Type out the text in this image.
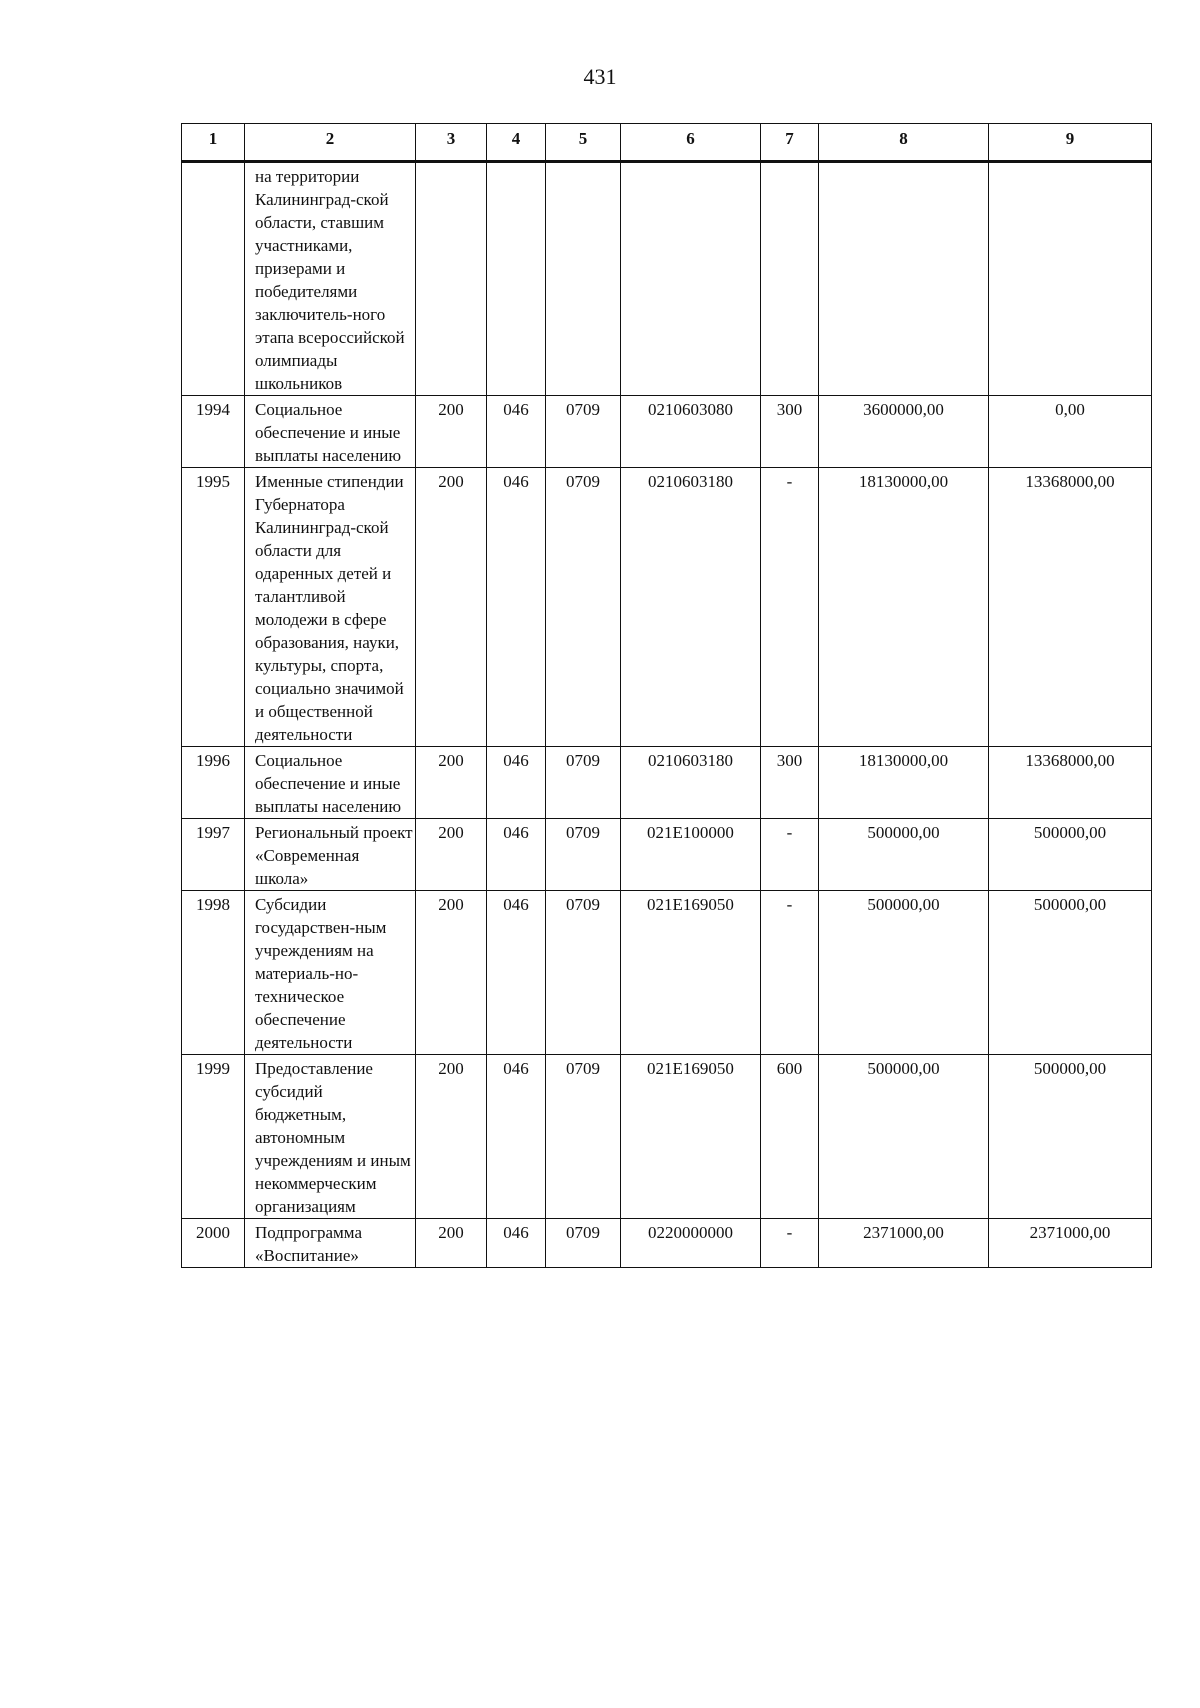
431
1	2	3	4	5	6	7	8	9
	на территории Калининград-ской области, ставшим участниками, призерами и победителями заключитель-ного этапа всероссийской олимпиады школьников							
1994	Социальное обеспечение и иные выплаты населению	200	046	0709	0210603080	300	3600000,00	0,00
1995	Именные стипендии Губернатора Калининград-ской области для одаренных детей и талантливой молодежи в сфере образования, науки, культуры, спорта, социально значимой и общественной деятельности	200	046	0709	0210603180	-	18130000,00	13368000,00
1996	Социальное обеспечение и иные выплаты населению	200	046	0709	0210603180	300	18130000,00	13368000,00
1997	Региональный проект «Современная школа»	200	046	0709	021E100000	-	500000,00	500000,00
1998	Субсидии государствен-ным учреждениям на материаль-но-техническое обеспечение деятельности	200	046	0709	021E169050	-	500000,00	500000,00
1999	Предоставление субсидий бюджетным, автономным учреждениям и иным некоммерческим организациям	200	046	0709	021E169050	600	500000,00	500000,00
2000	Подпрограмма «Воспитание»	200	046	0709	0220000000	-	2371000,00	2371000,00
